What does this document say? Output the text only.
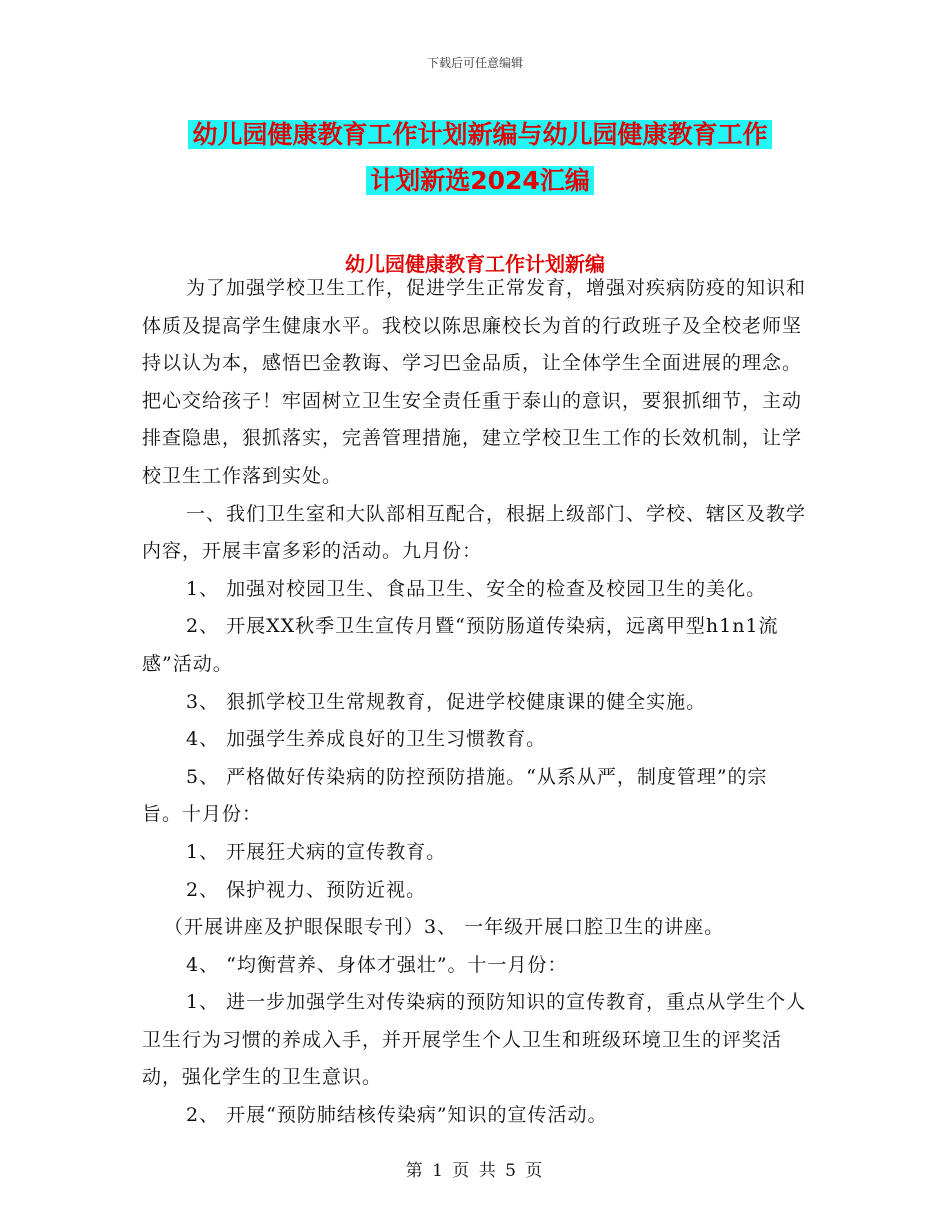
下载后可任意编辑
幼儿园健康教育工作计划新编与幼儿园健康教育工作
计划新选2024汇编
幼儿园健康教育工作计划新编

为了加强学校卫生工作，促进学生正常发育，增强对疾病防疫的知识和体质及提高学生健康水平。我校以陈思廉校长为首的行政班子及全校老师坚持以认为本，感悟巴金教诲、学习巴金品质，让全体学生全面进展的理念。把心交给孩子！牢固树立卫生安全责任重于泰山的意识，要狠抓细节，主动排查隐患，狠抓落实，完善管理措施，建立学校卫生工作的长效机制，让学校卫生工作落到实处。

一、我们卫生室和大队部相互配合，根据上级部门、学校、辖区及教学内容，开展丰富多彩的活动。九月份：

1、 加强对校园卫生、食品卫生、安全的检查及校园卫生的美化。

2、 开展XX秋季卫生宣传月暨“预防肠道传染病，远离甲型h1n1流感”活动。

3、 狠抓学校卫生常规教育，促进学校健康课的健全实施。

4、 加强学生养成良好的卫生习惯教育。

5、 严格做好传染病的防控预防措施。“从系从严，制度管理”的宗旨。十月份：

1、 开展狂犬病的宣传教育。

2、 保护视力、预防近视。

（开展讲座及护眼保眼专刊）3、 一年级开展口腔卫生的讲座。

4、 “均衡营养、身体才强壮”。十一月份：

1、 进一步加强学生对传染病的预防知识的宣传教育，重点从学生个人卫生行为习惯的养成入手，并开展学生个人卫生和班级环境卫生的评奖活动，强化学生的卫生意识。

2、 开展“预防肺结核传染病”知识的宣传活动。

第 1 页 共 5 页
